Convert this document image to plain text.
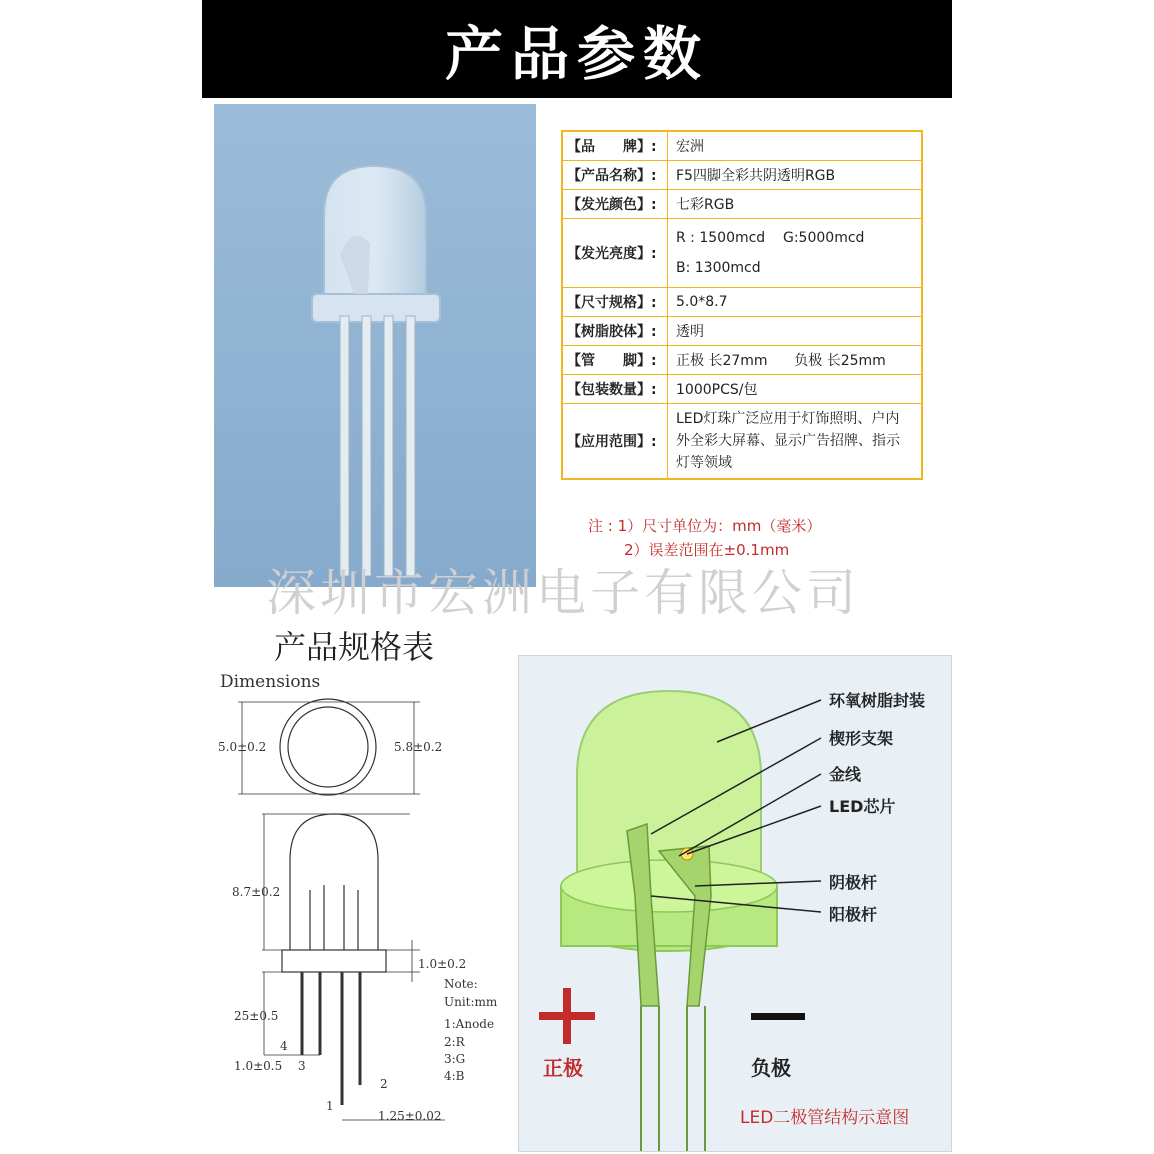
产品参数
【品　　牌】:	宏洲
【产品名称】:	F5四脚全彩共阴透明RGB
【发光颜色】:	七彩RGB
【发光亮度】:	R : 1500mcd    G:5000mcd
B: 1300mcd

【尺寸规格】:	5.0*8.7
【树脂胶体】:	透明
【管　　脚】:	正极 长27mm      负极 长25mm
【包装数量】:	1000PCS/包
【应用范围】:	LED灯珠广泛应用于灯饰照明、户内外全彩大屏幕、显示广告招牌、指示灯等领域
注 : 1）尺寸单位为：mm（毫米）
2）误差范围在±0.1mm
深圳市宏洲电子有限公司
产品规格表
Dimensions
5.0±0.2	5.8±0.2
8.7±0.2
1.0±0.2
25±0.5
1.0±0.5
1.25±0.02
1
2
3
4
Note:
Unit:mm
1:Anode
2:R
3:G
4:B
环氧树脂封装
楔形支架
金线
LED芯片
阴极杆
阳极杆
正极	负极
LED二极管结构示意图
